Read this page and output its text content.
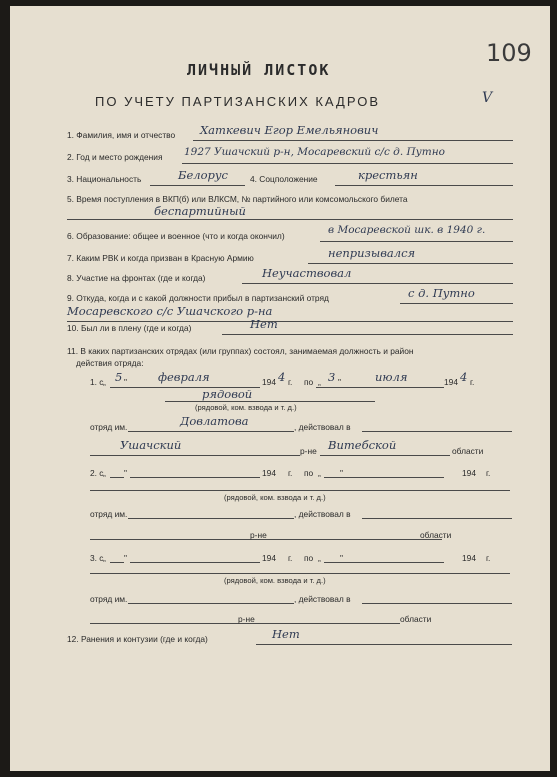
109
ЛИЧНЫЙ ЛИСТОК
ПО УЧЕТУ ПАРТИЗАНСКИХ КАДРОВ	V
1. Фамилия, имя и отчество Хаткевич Егор Емельянович
2. Год и место рождения 1927 Ушачский р-н, Мосаревский с/с д. Путно
3. Национальность	Белорус	4. Соцположение	крестьян
5. Время поступления в ВКП(б) или ВЛКСМ, № партийного или комсомольского билета
беспартийный
6. Образование: общее и военное (что и когда окончил)	в Мосаревской шк. в 1940 г.
7. Каким РВК и когда призван в Красную Армию	непризывался
8. Участие на фронтах (где и когда)	Неучаствовал
9. Откуда, когда и с какой должности прибыл в партизанский отряд	с д. Путно
Мосаревского с/с Ушачского р-на
10. Был ли в плену (где и когда)	Нет
11. В каких партизанских отрядах (или группах) состоял, занимаемая должность и район
действия отряда:
1. с „ 5 "	февраля	194 4 г. по „ 3 "	июля	194 4 г.
рядовой
(рядовой, ком. взвода и т. д.)
отряд им.	Довлатова	, действовал в
Ушачский	р-не Витебской	области
2. с „ "	194 г. по „ "	194 г.
(рядовой, ком. взвода и т. д.)
отряд им.	, действовал в
р-не	области
3. с „ "	194 г. по „ "	194 г.
(рядовой, ком. взвода и т. д.)
отряд им.	, действовал в
р-не	области
12. Ранения и контузии (где и когда)	Нет
